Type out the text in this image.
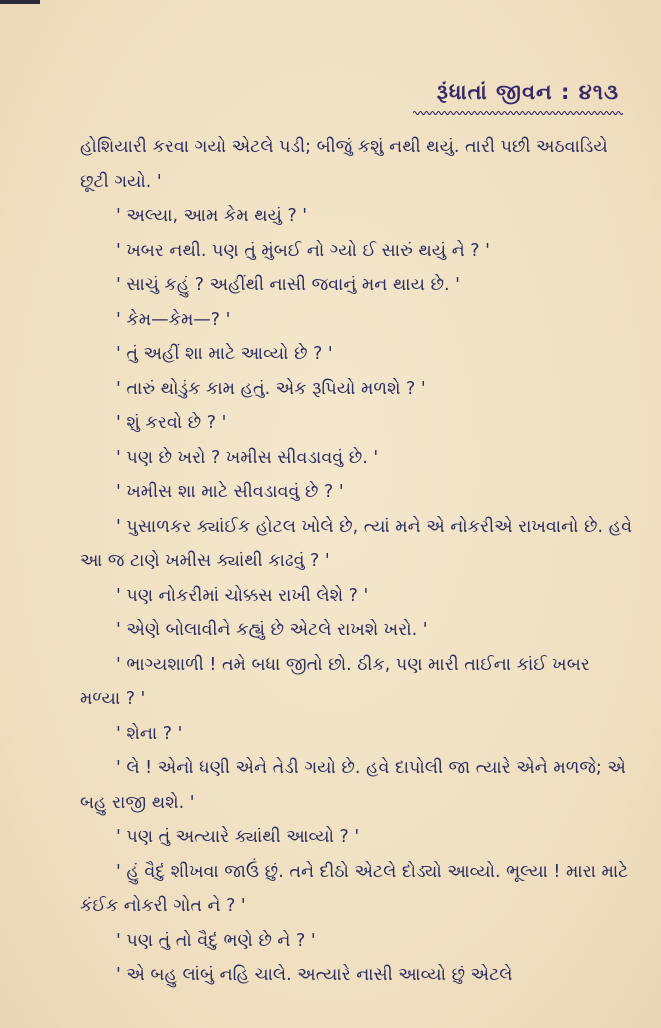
રૂંધાતાં જીવન : ૪૧૩

હોશિયારી કરવા ગયો એટલે પડી; બીજું કશું નથી થયું. તારી પછી અઠવાડિયે છૂટી ગયો. '

' અલ્યા, આમ કેમ થયું ? '

' ખબર નથી. પણ તું મુંબઈ નો ગ્યો ઈ સારું થયું ને ? '

' સાચું કહું ? અહીંથી નાસી જવાનું મન થાય છે. '

' કેમ—કેમ—? '

' તું અહીં શા માટે આવ્યો છે ? '

' તારું થોડુંક કામ હતું. એક રૂપિયો મળશે ? '

' શું કરવો છે ? '

' પણ છે ખરો ? ખમીસ સીવડાવવું છે. '

' ખમીસ શા માટે સીવડાવવું છે ? '

' પુસાળકર ક્યાંઈક હોટલ ખોલે છે, ત્યાં મને એ નોકરીએ રાખવાનો છે. હવે આ જ ટાણે ખમીસ ક્યાંથી કાઢવું ? '

' પણ નોકરીમાં ચોક્કસ રાખી લેશે ? '

' એણે બોલાવીને કહ્યું છે એટલે રાખશે ખરો. '

' ભાગ્યશાળી ! તમે બધા જીતો છો. ઠીક, પણ મારી તાઈના કાંઈ ખબર મળ્યા ? '

' શેના ? '

' લે ! એનો ધણી એને તેડી ગયો છે. હવે દાપોલી જા ત્યારે એને મળજે; એ બહુ રાજી થશે. '

' પણ તું અત્યારે ક્યાંથી આવ્યો ? '

' હું વૈદું શીખવા જાઉં છું. તને દીઠો એટલે દોડ્યો આવ્યો. ભૂલ્યા ! મારા માટે કંઈક નોકરી ગોત ને ? '

' પણ તું તો વૈદું ભણે છે ને ? '

' એ બહુ લાંબું નહિ ચાલે. અત્યારે નાસી આવ્યો છું એટલે
